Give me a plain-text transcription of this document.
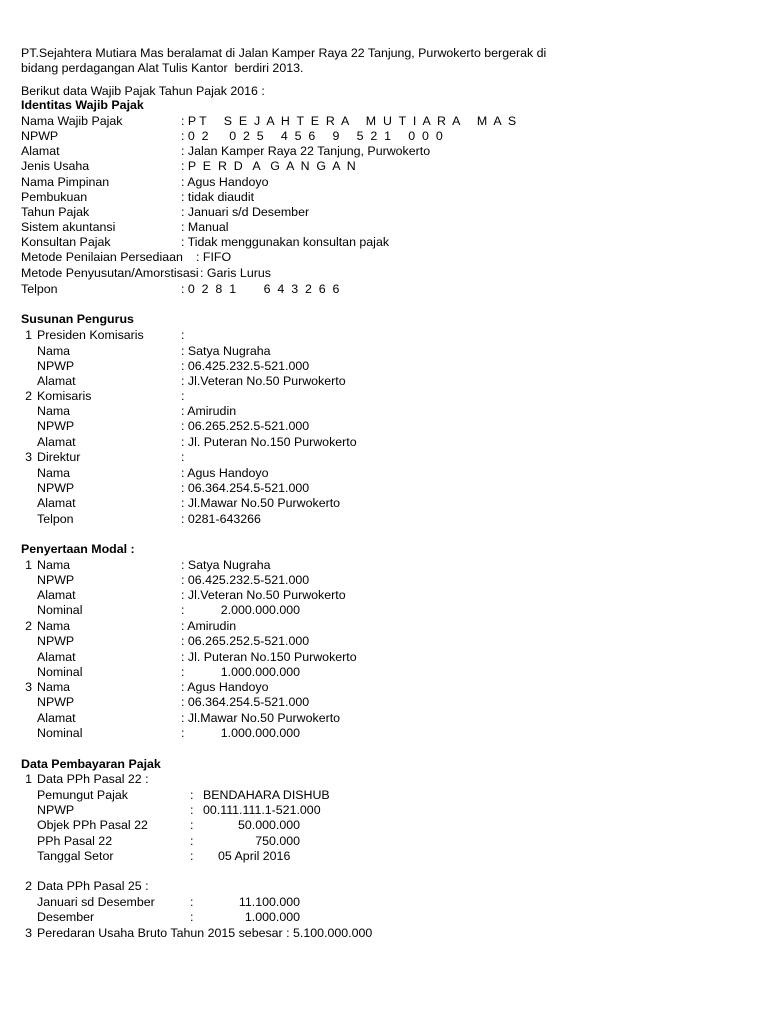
PT.Sejahtera Mutiara Mas beralamat di Jalan Kamper Raya 22 Tanjung, Purwokerto bergerak di
bidang perdagangan Alat Tulis Kantor  berdiri 2013.
Berikut data Wajib Pajak Tahun Pajak 2016 :
Identitas Wajib Pajak
Nama Wajib Pajak	: P T     S  E  J  A  H  T  E  R  A     M  U  T  I  A  R  A     M  A  S
NPWP	: 0  2      0  2  5     4  5  6     9     5  2  1     0  0  0
Alamat	: Jalan Kamper Raya 22 Tanjung, Purwokerto
Jenis Usaha	: P  E  R  D   A   G  A  N  G  A  N
Nama Pimpinan	: Agus Handoyo
Pembukuan	: tidak diaudit
Tahun Pajak	: Januari s/d Desember
Sistem akuntansi	: Manual
Konsultan Pajak	: Tidak menggunakan konsultan pajak
Metode Penilaian Persediaan : FIFO
Metode Penyusutan/Amorstisasi : Garis Lurus
Telpon	: 0  2  8  1        6  4  3  2  6  6
Susunan Pengurus
1 Presiden Komisaris	:
Nama	: Satya Nugraha
NPWP	: 06.425.232.5-521.000
Alamat	: Jl.Veteran No.50 Purwokerto
2 Komisaris	:
Nama	: Amirudin
NPWP	: 06.265.252.5-521.000
Alamat	: Jl. Puteran No.150 Purwokerto
3 Direktur	:
Nama	: Agus Handoyo
NPWP	: 06.364.254.5-521.000
Alamat	: Jl.Mawar No.50 Purwokerto
Telpon	: 0281-643266
Penyertaan Modal :
1 Nama	: Satya Nugraha
NPWP	: 06.425.232.5-521.000
Alamat	: Jl.Veteran No.50 Purwokerto
Nominal	:	2.000.000.000
2 Nama	: Amirudin
NPWP	: 06.265.252.5-521.000
Alamat	: Jl. Puteran No.150 Purwokerto
Nominal	:	1.000.000.000
3 Nama	: Agus Handoyo
NPWP	: 06.364.254.5-521.000
Alamat	: Jl.Mawar No.50 Purwokerto
Nominal	:	1.000.000.000
Data Pembayaran Pajak
1 Data PPh Pasal 22 :
Pemungut Pajak	: BENDAHARA DISHUB
NPWP	: 00.111.111.1-521.000
Objek PPh Pasal 22	:	50.000.000
PPh Pasal 22	:	750.000
Tanggal Setor	: 05 April 2016
2 Data PPh Pasal 25 :
Januari sd Desember	:	11.100.000
Desember	:	1.000.000
3 Peredaran Usaha Bruto Tahun 2015 sebesar : 5.100.000.000
